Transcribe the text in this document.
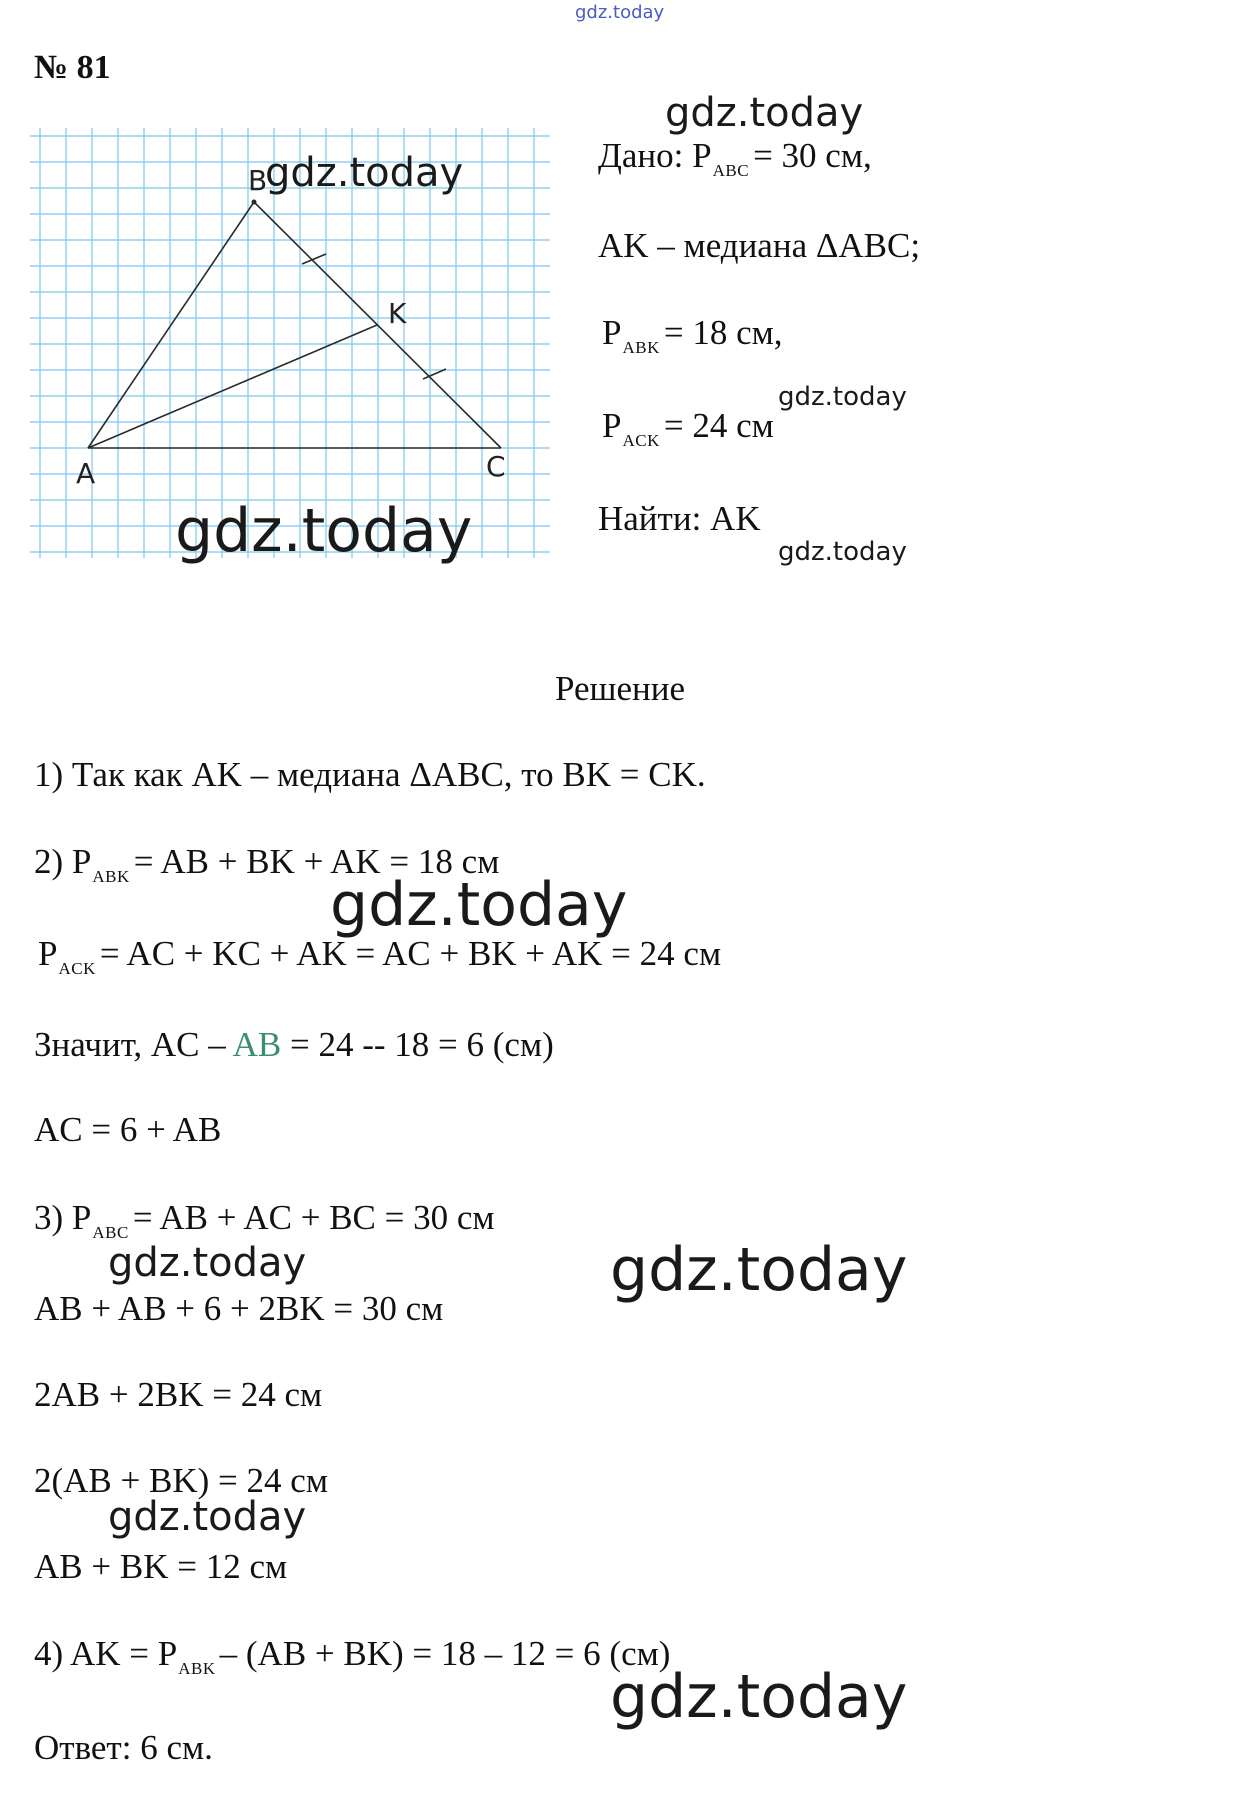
gdz.today
№ 81
A
B
C
K
gdz.today
gdz.today
gdz.today
Дано: $P_{ABC} = 30$ см,
AK – медиана ΔABC;
$P_{ABK} = 18$ см,
gdz.today
$P_{ACK} = 24$ см
Найти: AK
gdz.today
Решение
1) Так как AK – медиана ΔABC, то BK = CK.
2) $P_{ABK}$ = AB + BK + AK = 18 см
gdz.today
$P_{ACK}$ = AC + KC + AK = AC + BK + AK = 24 см
Значит, AC – AB = 24 -- 18 = 6 (см)
AC = 6 + AB
3) $P_{ABC}$ = AB + AC + BC = 30 см
gdz.today	gdz.today
AB + AB + 6 + 2BK = 30 см
2AB + 2BK = 24 см
2(AB + BK) = 24 см
gdz.today
AB + BK = 12 см
4) AK = $P_{ABK} - (AB + BK) = 18 - 12 = 6$ (см)
gdz.today
Ответ: 6 см.
